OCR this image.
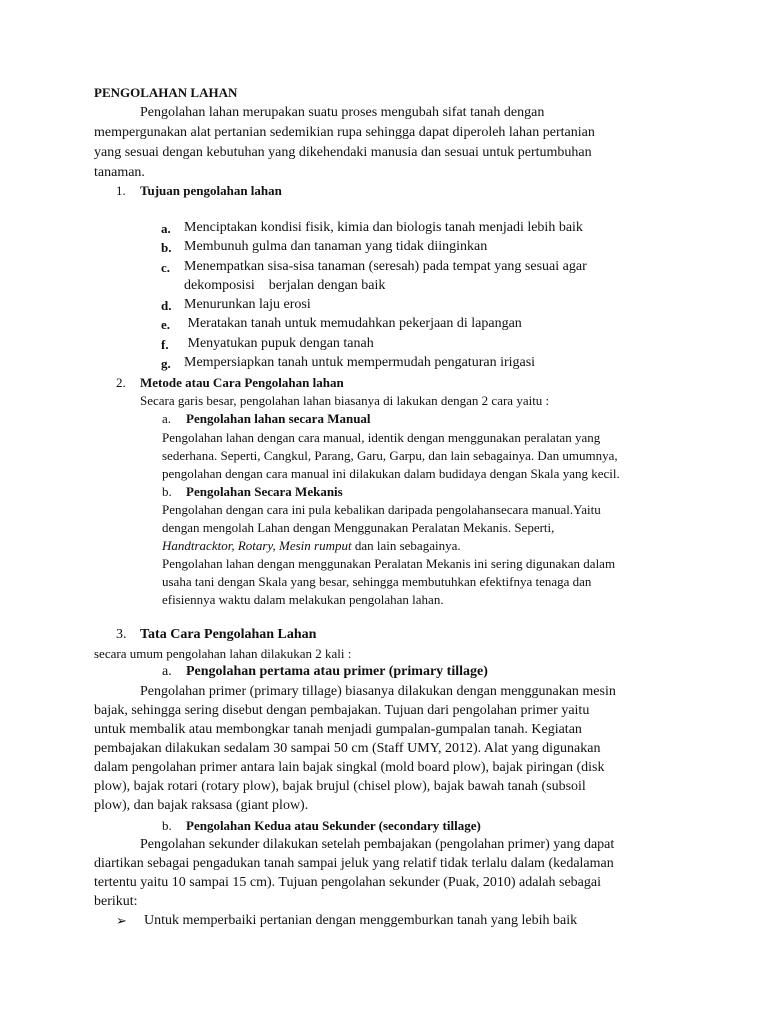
PENGOLAHAN LAHAN
Pengolahan lahan merupakan suatu proses mengubah sifat tanah dengan
mempergunakan alat pertanian sedemikian rupa sehingga dapat diperoleh lahan pertanian
yang sesuai dengan kebutuhan yang dikehendaki manusia dan sesuai untuk pertumbuhan
tanaman.
1. Tujuan pengolahan lahan
a. Menciptakan kondisi fisik, kimia dan biologis tanah menjadi lebih baik
b. Membunuh gulma dan tanaman yang tidak diinginkan
c. Menempatkan sisa-sisa tanaman (seresah) pada tempat yang sesuai agar
dekomposisi    berjalan dengan baik
d. Menurunkan laju erosi
e. Meratakan tanah untuk memudahkan pekerjaan di lapangan
f. Menyatukan pupuk dengan tanah
g. Mempersiapkan tanah untuk mempermudah pengaturan irigasi
2. Metode atau Cara Pengolahan lahan
Secara garis besar, pengolahan lahan biasanya di lakukan dengan 2 cara yaitu :
a. Pengolahan lahan secara Manual
Pengolahan lahan dengan cara manual, identik dengan menggunakan peralatan yang
sederhana. Seperti, Cangkul, Parang, Garu, Garpu, dan lain sebagainya. Dan umumnya,
pengolahan dengan cara manual ini dilakukan dalam budidaya dengan Skala yang kecil.
b. Pengolahan Secara Mekanis
Pengolahan dengan cara ini pula kebalikan daripada pengolahansecara manual.Yaitu
dengan mengolah Lahan dengan Menggunakan Peralatan Mekanis. Seperti,
Handtracktor, Rotary, Mesin rumput dan lain sebagainya.
Pengolahan lahan dengan menggunakan Peralatan Mekanis ini sering digunakan dalam
usaha tani dengan Skala yang besar, sehingga membutuhkan efektifnya tenaga dan
efisiennya waktu dalam melakukan pengolahan lahan.
3. Tata Cara Pengolahan Lahan
secara umum pengolahan lahan dilakukan 2 kali :
a. Pengolahan pertama atau primer (primary tillage)
Pengolahan primer (primary tillage) biasanya dilakukan dengan menggunakan mesin
bajak, sehingga sering disebut dengan pembajakan. Tujuan dari pengolahan primer yaitu
untuk membalik atau membongkar tanah menjadi gumpalan-gumpalan tanah. Kegiatan
pembajakan dilakukan sedalam 30 sampai 50 cm (Staff UMY, 2012). Alat yang digunakan
dalam pengolahan primer antara lain bajak singkal (mold board plow), bajak piringan (disk
plow), bajak rotari (rotary plow), bajak brujul (chisel plow), bajak bawah tanah (subsoil
plow), dan bajak raksasa (giant plow).
b. Pengolahan Kedua atau Sekunder (secondary tillage)
Pengolahan sekunder dilakukan setelah pembajakan (pengolahan primer) yang dapat
diartikan sebagai pengadukan tanah sampai jeluk yang relatif tidak terlalu dalam (kedalaman
tertentu yaitu 10 sampai 15 cm). Tujuan pengolahan sekunder (Puak, 2010) adalah sebagai
berikut:
➢ Untuk memperbaiki pertanian dengan menggemburkan tanah yang lebih baik
